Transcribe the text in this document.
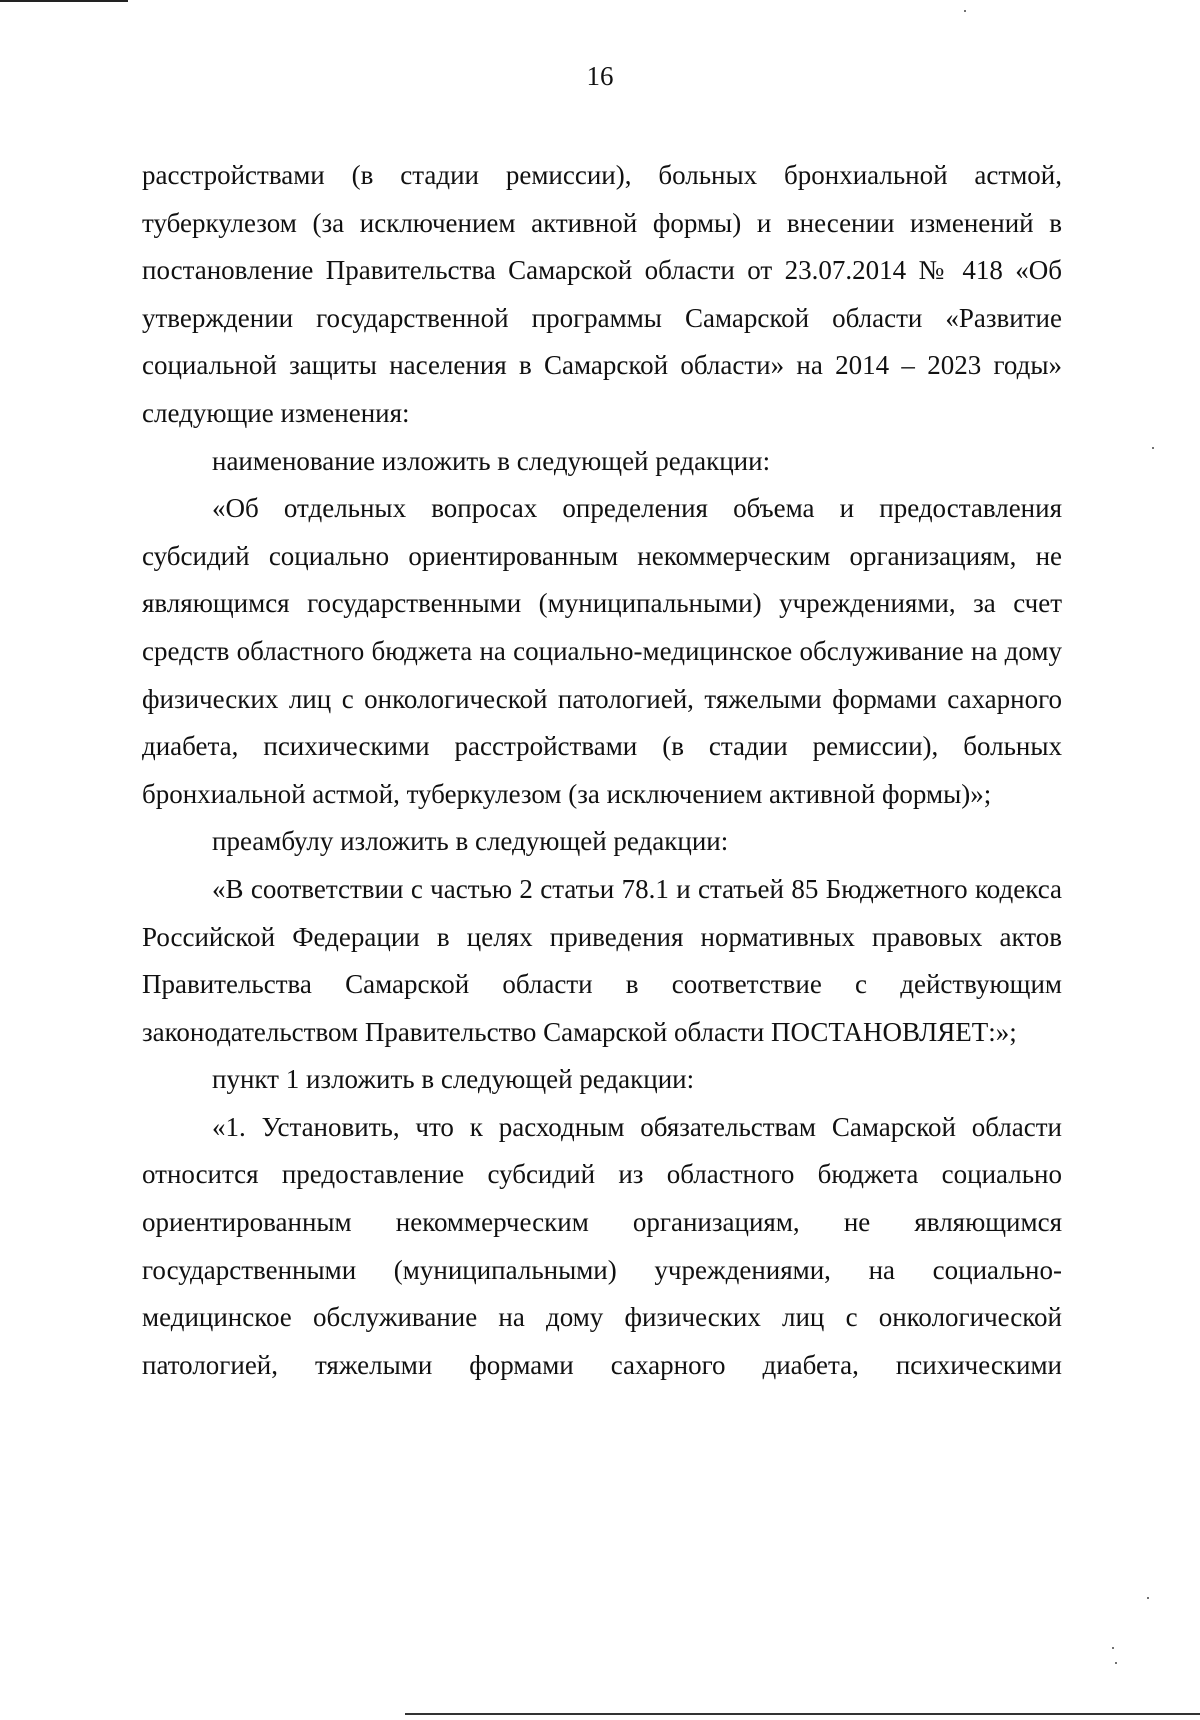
16

расстройствами (в стадии ремиссии), больных бронхиальной астмой, туберкулезом (за исключением активной формы) и внесении изменений в постановление Правительства Самарской области от 23.07.2014 № 418 «Об утверждении государственной программы Самарской области «Развитие социальной защиты населения в Самарской области» на 2014 – 2023 годы» следующие изменения:

наименование изложить в следующей редакции:

«Об отдельных вопросах определения объема и предоставления субсидий социально ориентированным некоммерческим организациям, не являющимся государственными (муниципальными) учреждениями, за счет средств областного бюджета на социально-медицинское обслуживание на дому физических лиц с онкологической патологией, тяжелыми формами сахарного диабета, психическими расстройствами (в стадии ремиссии), больных бронхиальной астмой, туберкулезом (за исключением активной формы)»;

преамбулу изложить в следующей редакции:

«В соответствии с частью 2 статьи 78.1 и статьей 85 Бюджетного кодекса Российской Федерации в целях приведения нормативных правовых актов Правительства Самарской области в соответствие с действующим законодательством Правительство Самарской области ПОСТАНОВЛЯЕТ:»;

пункт 1 изложить в следующей редакции:

«1. Установить, что к расходным обязательствам Самарской области относится предоставление субсидий из областного бюджета социально ориентированным некоммерческим организациям, не являющимся государственными (муниципальными) учреждениями, на социально-медицинское обслуживание на дому физических лиц с онкологической патологией, тяжелыми формами сахарного диабета, психическими
